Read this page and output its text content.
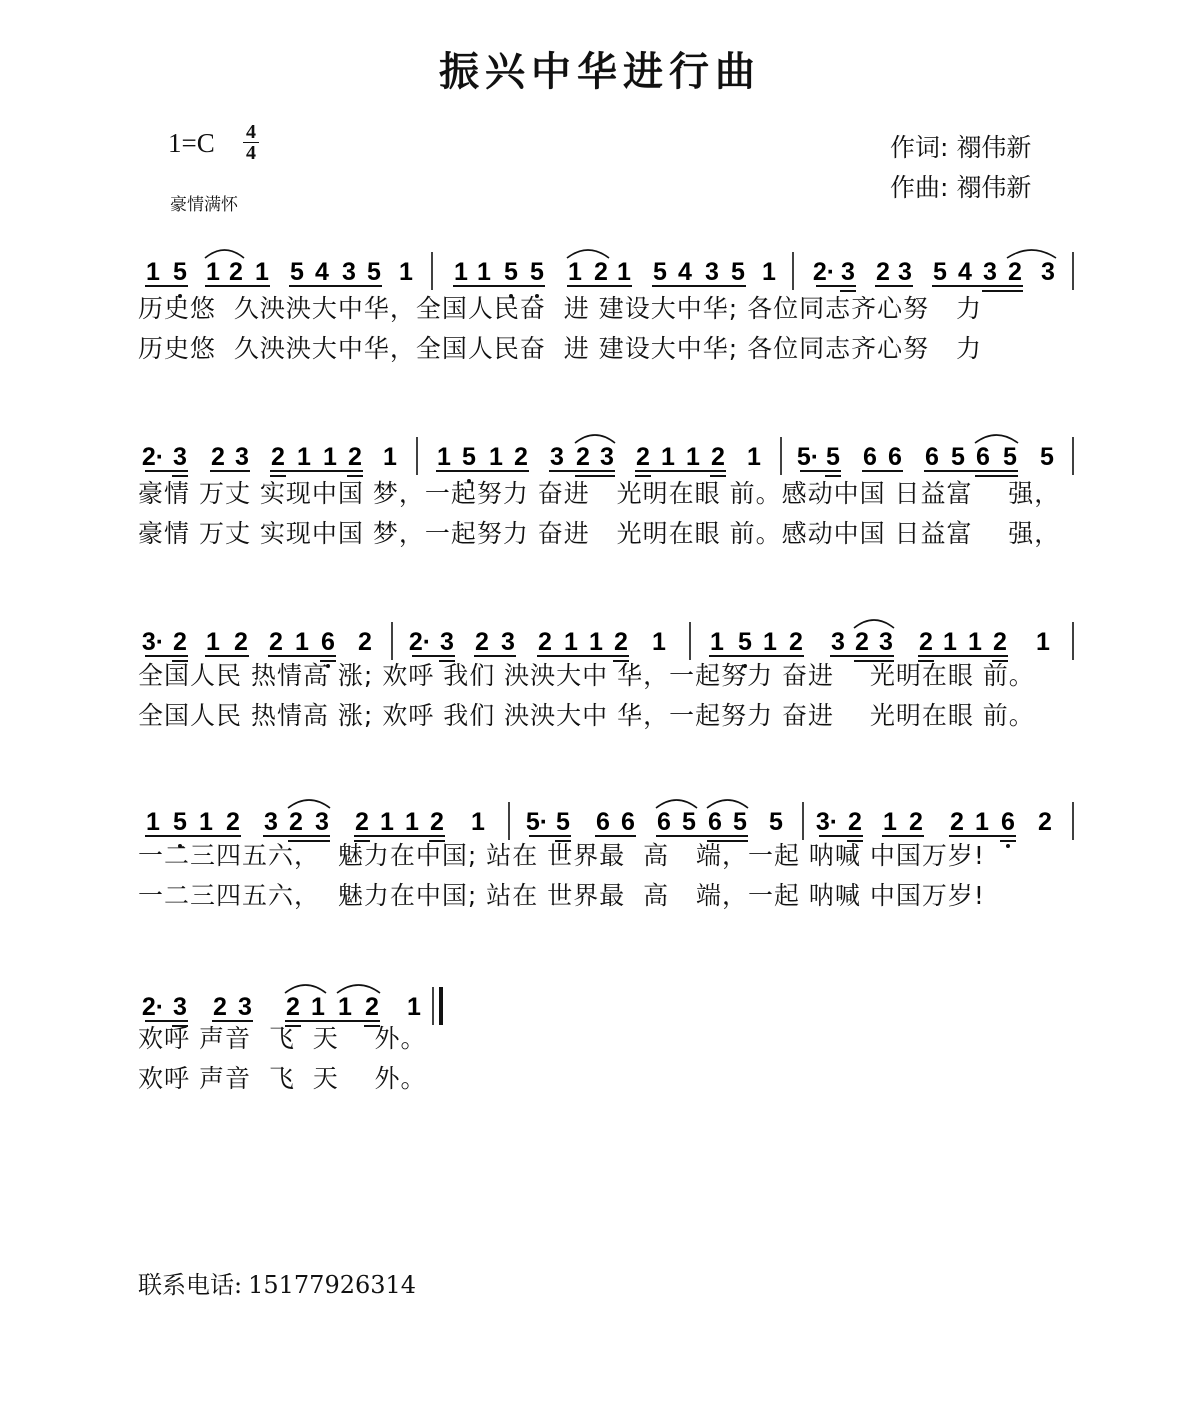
振兴中华进行曲
1=C 4
4
豪情满怀
作词: 禤伟新
作曲: 禤伟新
1 5 1 2 1 5 4 3 5 1 1 1 5 5 1 2 1 5 4 3 5 1 2· 3 2 3 5 4 3 2 3
2· 3 2 3 2 1 1 2 1 1 5 1 2 3 2 3 2 1 1 2 1 5· 5 6 6 6 5 6 5 5
3· 2 1 2 2 1 6 2 2· 3 2 3 2 1 1 2 1 1 5 1 2 3 2 3 2 1 1 2 1
1 5 1 2 3 2 3 2 1 1 2 1 5· 5 6 6 6 5 6 5 5 3· 2 1 2 2 1 6 2
2· 3 2 3 2 1 1 2 1
历史悠  久泱泱大中华，全国人民奋  进 建设大中华; 各位同志齐心努   力
历史悠  久泱泱大中华，全国人民奋  进 建设大中华; 各位同志齐心努   力
豪情 万丈 实现中国 梦，一起努力 奋进   光明在眼 前。感动中国 日益富    强，
豪情 万丈 实现中国 梦，一起努力 奋进   光明在眼 前。感动中国 日益富    强，
全国人民 热情高 涨; 欢呼 我们 泱泱大中 华，一起努力 奋进    光明在眼 前。
全国人民 热情高 涨; 欢呼 我们 泱泱大中 华，一起努力 奋进    光明在眼 前。
一二三四五六，  魅力在中国; 站在 世界最  高   端，一起 呐喊 中国万岁!
一二三四五六，  魅力在中国; 站在 世界最  高   端，一起 呐喊 中国万岁!
欢呼 声音  飞  天    外。
欢呼 声音  飞  天    外。
联系电话: 15177926314
